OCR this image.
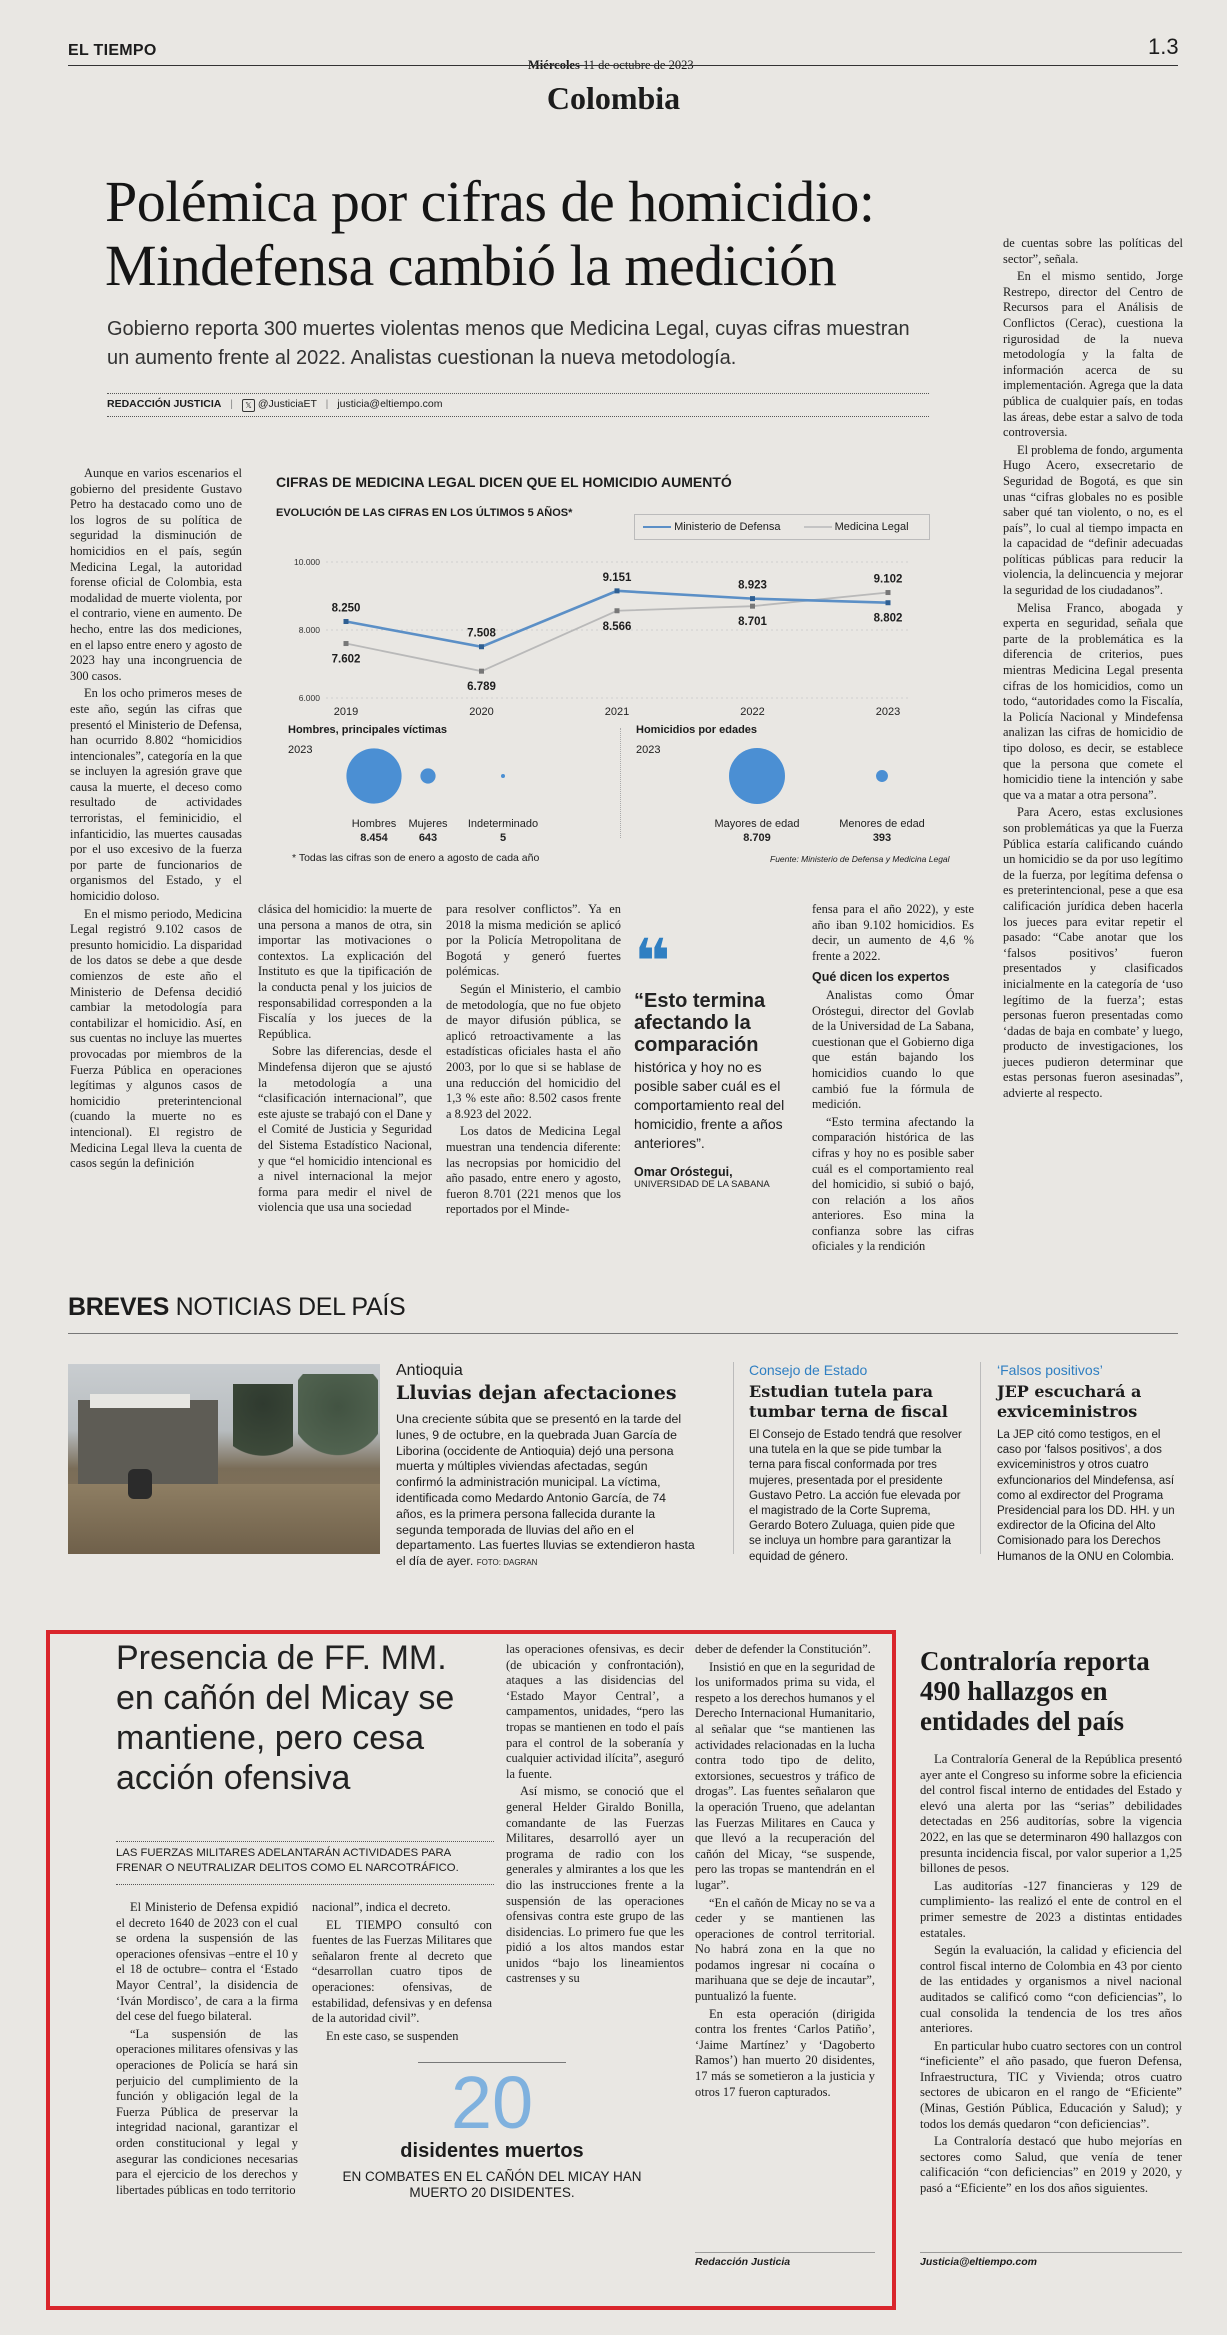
EL TIEMPO
Miércoles 11 de octubre de 2023
1.3
Colombia
Polémica por cifras de homicidio:
Mindefensa cambió la medición
Gobierno reporta 300 muertes violentas menos que Medicina Legal, cuyas cifras muestran un aumento frente al 2022. Analistas cuestionan la nueva metodología.
REDACCIÓN JUSTICIA | 𝕏 @JusticiaET | justicia@eltiempo.com

Aunque en varios escenarios el gobierno del presidente Gustavo Petro ha destacado como uno de los logros de su política de seguridad la disminución de homicidios en el país, según Medicina Legal, la autoridad forense oficial de Colombia, esta modalidad de muerte violenta, por el contrario, viene en aumento. De hecho, entre las dos mediciones, en el lapso entre enero y agosto de 2023 hay una incongruencia de 300 casos.

En los ocho primeros meses de este año, según las cifras que presentó el Ministerio de Defensa, han ocurrido 8.802 “homicidios intencionales”, categoría en la que se incluyen la agresión grave que causa la muerte, el deceso como resultado de actividades terroristas, el feminicidio, el infanticidio, las muertes causadas por el uso excesivo de la fuerza por parte de funcionarios de organismos del Estado, y el homicidio doloso.

En el mismo periodo, Medicina Legal registró 9.102 casos de presunto homicidio. La disparidad de los datos se debe a que desde comienzos de este año el Ministerio de Defensa decidió cambiar la metodología para contabilizar el homicidio. Así, en sus cuentas no incluye las muertes provocadas por miembros de la Fuerza Pública en operaciones legítimas y algunos casos de homicidio preterintencional (cuando la muerte no es intencional). El registro de Medicina Legal lleva la cuenta de casos según la definición

CIFRAS DE MEDICINA LEGAL DICEN QUE EL HOMICIDIO AUMENTÓ
EVOLUCIÓN DE LAS CIFRAS EN LOS ÚLTIMOS 5 AÑOS*
10.000
8.000
6.000
2019	2020	2021	2022	2023
8.250
7.508
9.151
8.923
8.802
7.602
6.789
8.566	8.701
9.102
Ministerio de Defensa	Medicina Legal
Hombres, principales víctimas
2023
Homicidios por edades
2023
Hombres
8.454
Mujeres
643
Indeterminado
5
Mayores de edad
8.709
Menores de edad
393
* Todas las cifras son de enero a agosto de cada año	Fuente: Ministerio de Defensa y Medicina Legal

clásica del homicidio: la muerte de una persona a manos de otra, sin importar las motivaciones o contextos. La explicación del Instituto es que la tipificación de la conducta penal y los juicios de responsabilidad corresponden a la Fiscalía y los jueces de la República.

Sobre las diferencias, desde el Mindefensa dijeron que se ajustó la metodología a una “clasificación internacional”, que este ajuste se trabajó con el Dane y el Comité de Justicia y Seguridad del Sistema Estadístico Nacional, y que “el homicidio intencional es a nivel internacional la mejor forma para medir el nivel de violencia que usa una sociedad

para resolver conflictos”. Ya en 2018 la misma medición se aplicó por la Policía Metropolitana de Bogotá y generó fuertes polémicas.

Según el Ministerio, el cambio de metodología, que no fue objeto de mayor difusión pública, se aplicó retroactivamente a las estadísticas oficiales hasta el año 2003, por lo que si se hablase de una reducción del homicidio del 1,3 % este año: 8.502 casos frente a 8.923 del 2022.

Los datos de Medicina Legal muestran una tendencia diferente: las necropsias por homicidio del año pasado, entre enero y agosto, fueron 8.701 (221 menos que los reportados por el Minde-

❝
“Esto termina afectando la comparación
histórica y hoy no es posible saber cuál es el comportamiento real del homicidio, frente a años anteriores”.
Omar Oróstegui,
UNIVERSIDAD DE LA SABANA

fensa para el año 2022), y este año iban 9.102 homicidios. Es decir, un aumento de 4,6 % frente a 2022.

Qué dicen los expertos

Analistas como Ómar Oróstegui, director del Govlab de la Universidad de La Sabana, cuestionan que el Gobierno diga que están bajando los homicidios cuando lo que cambió fue la fórmula de medición.

“Esto termina afectando la comparación histórica de las cifras y hoy no es posible saber cuál es el comportamiento real del homicidio, si subió o bajó, con relación a los años anteriores. Eso mina la confianza sobre las cifras oficiales y la rendición

de cuentas sobre las políticas del sector”, señala.

En el mismo sentido, Jorge Restrepo, director del Centro de Recursos para el Análisis de Conflictos (Cerac), cuestiona la rigurosidad de la nueva metodología y la falta de información acerca de su implementación. Agrega que la data pública de cualquier país, en todas las áreas, debe estar a salvo de toda controversia.

El problema de fondo, argumenta Hugo Acero, exsecretario de Seguridad de Bogotá, es que sin unas “cifras globales no es posible saber qué tan violento, o no, es el país”, lo cual al tiempo impacta en la capacidad de “definir adecuadas políticas públicas para reducir la violencia, la delincuencia y mejorar la seguridad de los ciudadanos”.

Melisa Franco, abogada y experta en seguridad, señala que parte de la problemática es la diferencia de criterios, pues mientras Medicina Legal presenta cifras de los homicidios, como un todo, “autoridades como la Fiscalía, la Policía Nacional y Mindefensa analizan las cifras de homicidio de tipo doloso, es decir, se establece que la persona que comete el homicidio tiene la intención y sabe que va a matar a otra persona”.

Para Acero, estas exclusiones son problemáticas ya que la Fuerza Pública estaría calificando cuándo un homicidio se da por uso legítimo de la fuerza, por legítima defensa o es preterintencional, pese a que esa calificación jurídica deben hacerla los jueces para evitar repetir el pasado: “Cabe anotar que los ‘falsos positivos’ fueron presentados y clasificados inicialmente en la categoría de ‘uso legítimo de la fuerza’; estas personas fueron presentadas como ‘dadas de baja en combate’ y luego, producto de investigaciones, los jueces pudieron determinar que estas personas fueron asesinadas”, advierte al respecto.

BREVES NOTICIAS DEL PAÍS
Antioquia
Lluvias dejan afectaciones
Una creciente súbita que se presentó en la tarde del lunes, 9 de octubre, en la quebrada Juan García de Liborina (occidente de Antioquia) dejó una persona muerta y múltiples viviendas afectadas, según confirmó la administración municipal. La víctima, identificada como Medardo Antonio García, de 74 años, es la primera persona fallecida durante la segunda temporada de lluvias del año en el departamento. Las fuertes lluvias se extendieron hasta el día de ayer. FOTO: DAGRAN
Consejo de Estado
Estudian tutela para tumbar terna de fiscal
El Consejo de Estado tendrá que resolver una tutela en la que se pide tumbar la terna para fiscal conformada por tres mujeres, presentada por el presidente Gustavo Petro. La acción fue elevada por el magistrado de la Corte Suprema, Gerardo Botero Zuluaga, quien pide que se incluya un hombre para garantizar la equidad de género.
‘Falsos positivos’
JEP escuchará a exviceministros
La JEP citó como testigos, en el caso por ‘falsos positivos’, a dos exviceministros y otros cuatro exfuncionarios del Mindefensa, así como al exdirector del Programa Presidencial para los DD. HH. y un exdirector de la Oficina del Alto Comisionado para los Derechos Humanos de la ONU en Colombia.
Presencia de FF. MM. en cañón del Micay se mantiene, pero cesa acción ofensiva
LAS FUERZAS MILITARES ADELANTARÁN ACTIVIDADES PARA FRENAR O NEUTRALIZAR DELITOS COMO EL NARCOTRÁFICO.

El Ministerio de Defensa expidió el decreto 1640 de 2023 con el cual se ordena la suspensión de las operaciones ofensivas –entre el 10 y el 18 de octubre– contra el ‘Estado Mayor Central’, la disidencia de ‘Iván Mordisco’, de cara a la firma del cese del fuego bilateral.

“La suspensión de las operaciones militares ofensivas y las operaciones de Policía se hará sin perjuicio del cumplimiento de la función y obligación legal de la Fuerza Pública de preservar la integridad nacional, garantizar el orden constitucional y legal y asegurar las condiciones necesarias para el ejercicio de los derechos y libertades públicas en todo territorio

nacional”, indica el decreto.

EL TIEMPO consultó con fuentes de las Fuerzas Militares que señalaron frente al decreto que “desarrollan cuatro tipos de operaciones: ofensivas, de estabilidad, defensivas y en defensa de la autoridad civil”.

En este caso, se suspenden

las operaciones ofensivas, es decir (de ubicación y confrontación), ataques a las disidencias del ‘Estado Mayor Central’, a campamentos, unidades, “pero las tropas se mantienen en todo el país para el control de la soberanía y cualquier actividad ilícita”, aseguró la fuente.

Así mismo, se conoció que el general Helder Giraldo Bonilla, comandante de las Fuerzas Militares, desarrolló ayer un programa de radio con los generales y almirantes a los que les dio las instrucciones frente a la suspensión de las operaciones ofensivas contra este grupo de las disidencias. Lo primero fue que les pidió a los altos mandos estar unidos “bajo los lineamientos castrenses y su

deber de defender la Constitución”.

Insistió en que en la seguridad de los uniformados prima su vida, el respeto a los derechos humanos y el Derecho Internacional Humanitario, al señalar que “se mantienen las actividades relacionadas en la lucha contra todo tipo de delito, extorsiones, secuestros y tráfico de drogas”. Las fuentes señalaron que la operación Trueno, que adelantan las Fuerzas Militares en Cauca y que llevó a la recuperación del cañón del Micay, “se suspende, pero las tropas se mantendrán en el lugar”.

“En el cañón de Micay no se va a ceder y se mantienen las operaciones de control territorial. No habrá zona en la que no podamos ingresar ni cocaína o marihuana que se deje de incautar”, puntualizó la fuente.

En esta operación (dirigida contra los frentes ‘Carlos Patiño’, ‘Jaime Martínez’ y ‘Dagoberto Ramos’) han muerto 20 disidentes, 17 más se sometieron a la justicia y otros 17 fueron capturados.

20
disidentes muertos
EN COMBATES EN EL CAÑÓN DEL MICAY HAN MUERTO 20 DISIDENTES.
Redacción Justicia
Contraloría reporta 490 hallazgos en entidades del país

La Contraloría General de la República presentó ayer ante el Congreso su informe sobre la eficiencia del control fiscal interno de entidades del Estado y elevó una alerta por las “serias” debilidades detectadas en 256 auditorías, sobre la vigencia 2022, en las que se determinaron 490 hallazgos con presunta incidencia fiscal, por valor superior a 1,25 billones de pesos.

Las auditorías -127 financieras y 129 de cumplimiento- las realizó el ente de control en el primer semestre de 2023 a distintas entidades estatales.

Según la evaluación, la calidad y eficiencia del control fiscal interno de Colombia en 43 por ciento de las entidades y organismos a nivel nacional auditados se calificó como “con deficiencias”, lo cual consolida la tendencia de los tres años anteriores.

En particular hubo cuatro sectores con un control “ineficiente” el año pasado, que fueron Defensa, Infraestructura, TIC y Vivienda; otros cuatro sectores de ubicaron en el rango de “Eficiente” (Minas, Gestión Pública, Educación y Salud); y todos los demás quedaron “con deficiencias”.

La Contraloría destacó que hubo mejorías en sectores como Salud, que venía de tener calificación “con deficiencias” en 2019 y 2020, y pasó a “Eficiente” en los dos años siguientes.

Justicia@eltiempo.com
